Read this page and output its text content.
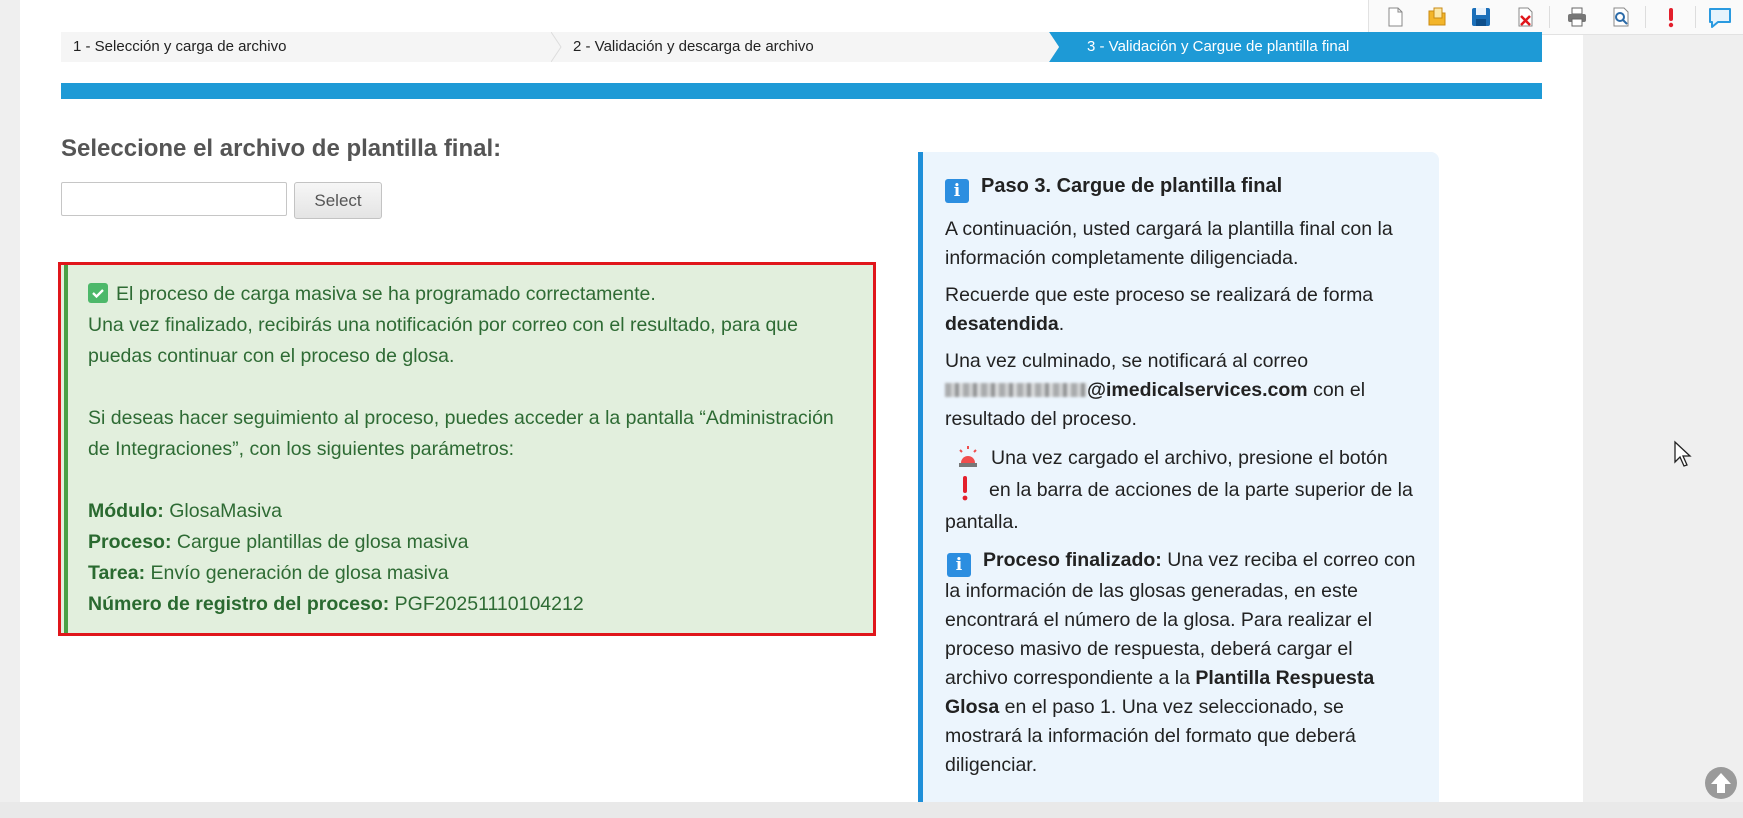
1 - Selección y carga de archivo	2 - Validación y descarga de archivo	3 - Validación y Cargue de plantilla final
Seleccione el archivo de plantilla final:
Select

El proceso de carga masiva se ha programado correctamente.

Una vez finalizado, recibirás una notificación por correo con el resultado, para que puedas continuar con el proceso de glosa.

Si deseas hacer seguimiento al proceso, puedes acceder a la pantalla “Administración de Integraciones”, con los siguientes parámetros:

Módulo: GlosaMasiva

Proceso: Cargue plantillas de glosa masiva

Tarea: Envío generación de glosa masiva

Número de registro del proceso: PGF20251110104212

i Paso 3. Cargue de plantilla final

A continuación, usted cargará la plantilla final con la información completamente diligenciada.

Recuerde que este proceso se realizará de forma desatendida.

Una vez culminado, se notificará al correo @imedicalservices.com con el resultado del proceso.

Una vez cargado el archivo, presione el botón
en la barra de acciones de la parte superior de la pantalla.

i Proceso finalizado: Una vez reciba el correo con la información de las glosas generadas, en este encontrará el número de la glosa. Para realizar el proceso masivo de respuesta, deberá cargar el archivo correspondiente a la Plantilla Respuesta Glosa en el paso 1. Una vez seleccionado, se mostrará la información del formato que deberá diligenciar.
